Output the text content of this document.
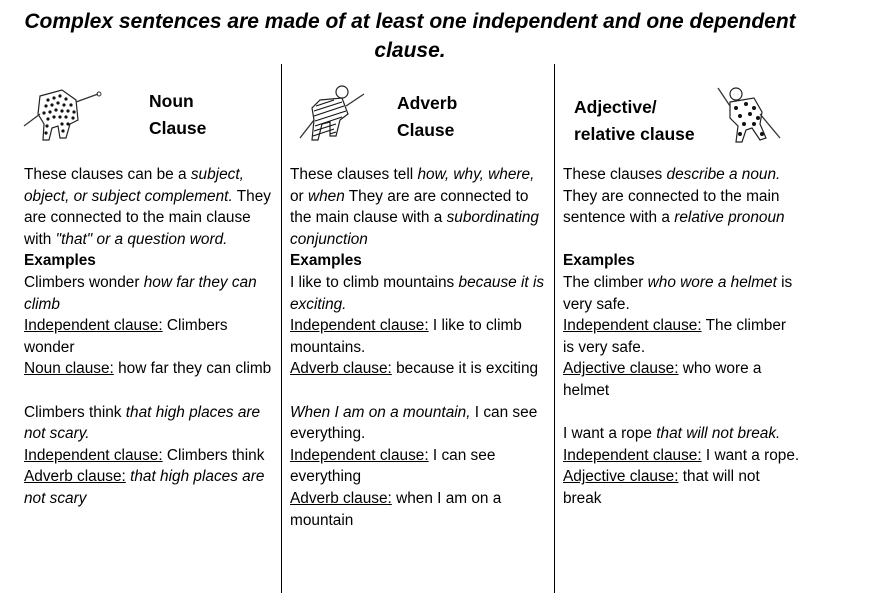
Complex sentences are made of at least one independent and one dependent clause.
Noun
Clause
Adverb
Clause
Adjective/
relative clause

These clauses can be a subject, object, or subject complement. They are connected to the main clause with "that" or a question word.

Examples

Climbers wonder how far they can climb

Independent clause: Climbers wonder

Noun clause: how far they can climb

Climbers think that high places are not scary.

Independent clause: Climbers think

Adverb clause: that high places are not scary

These clauses tell how, why, where, or when They are are connected to the main clause with a subordinating conjunction

Examples

I like to climb mountains because it is exciting.

Independent clause: I like to climb mountains.

Adverb clause: because it is exciting

When I am on a mountain, I can see everything.

Independent clause: I can see everything

Adverb clause: when I am on a mountain

These clauses describe a noun. They are connected to the main sentence with a relative pronoun

Examples

The climber who wore a helmet is very safe.

Independent clause: The climber is very safe.

Adjective clause: who wore a helmet

I want a rope that will not break.

Independent clause: I want a rope.

Adjective clause: that will not break
